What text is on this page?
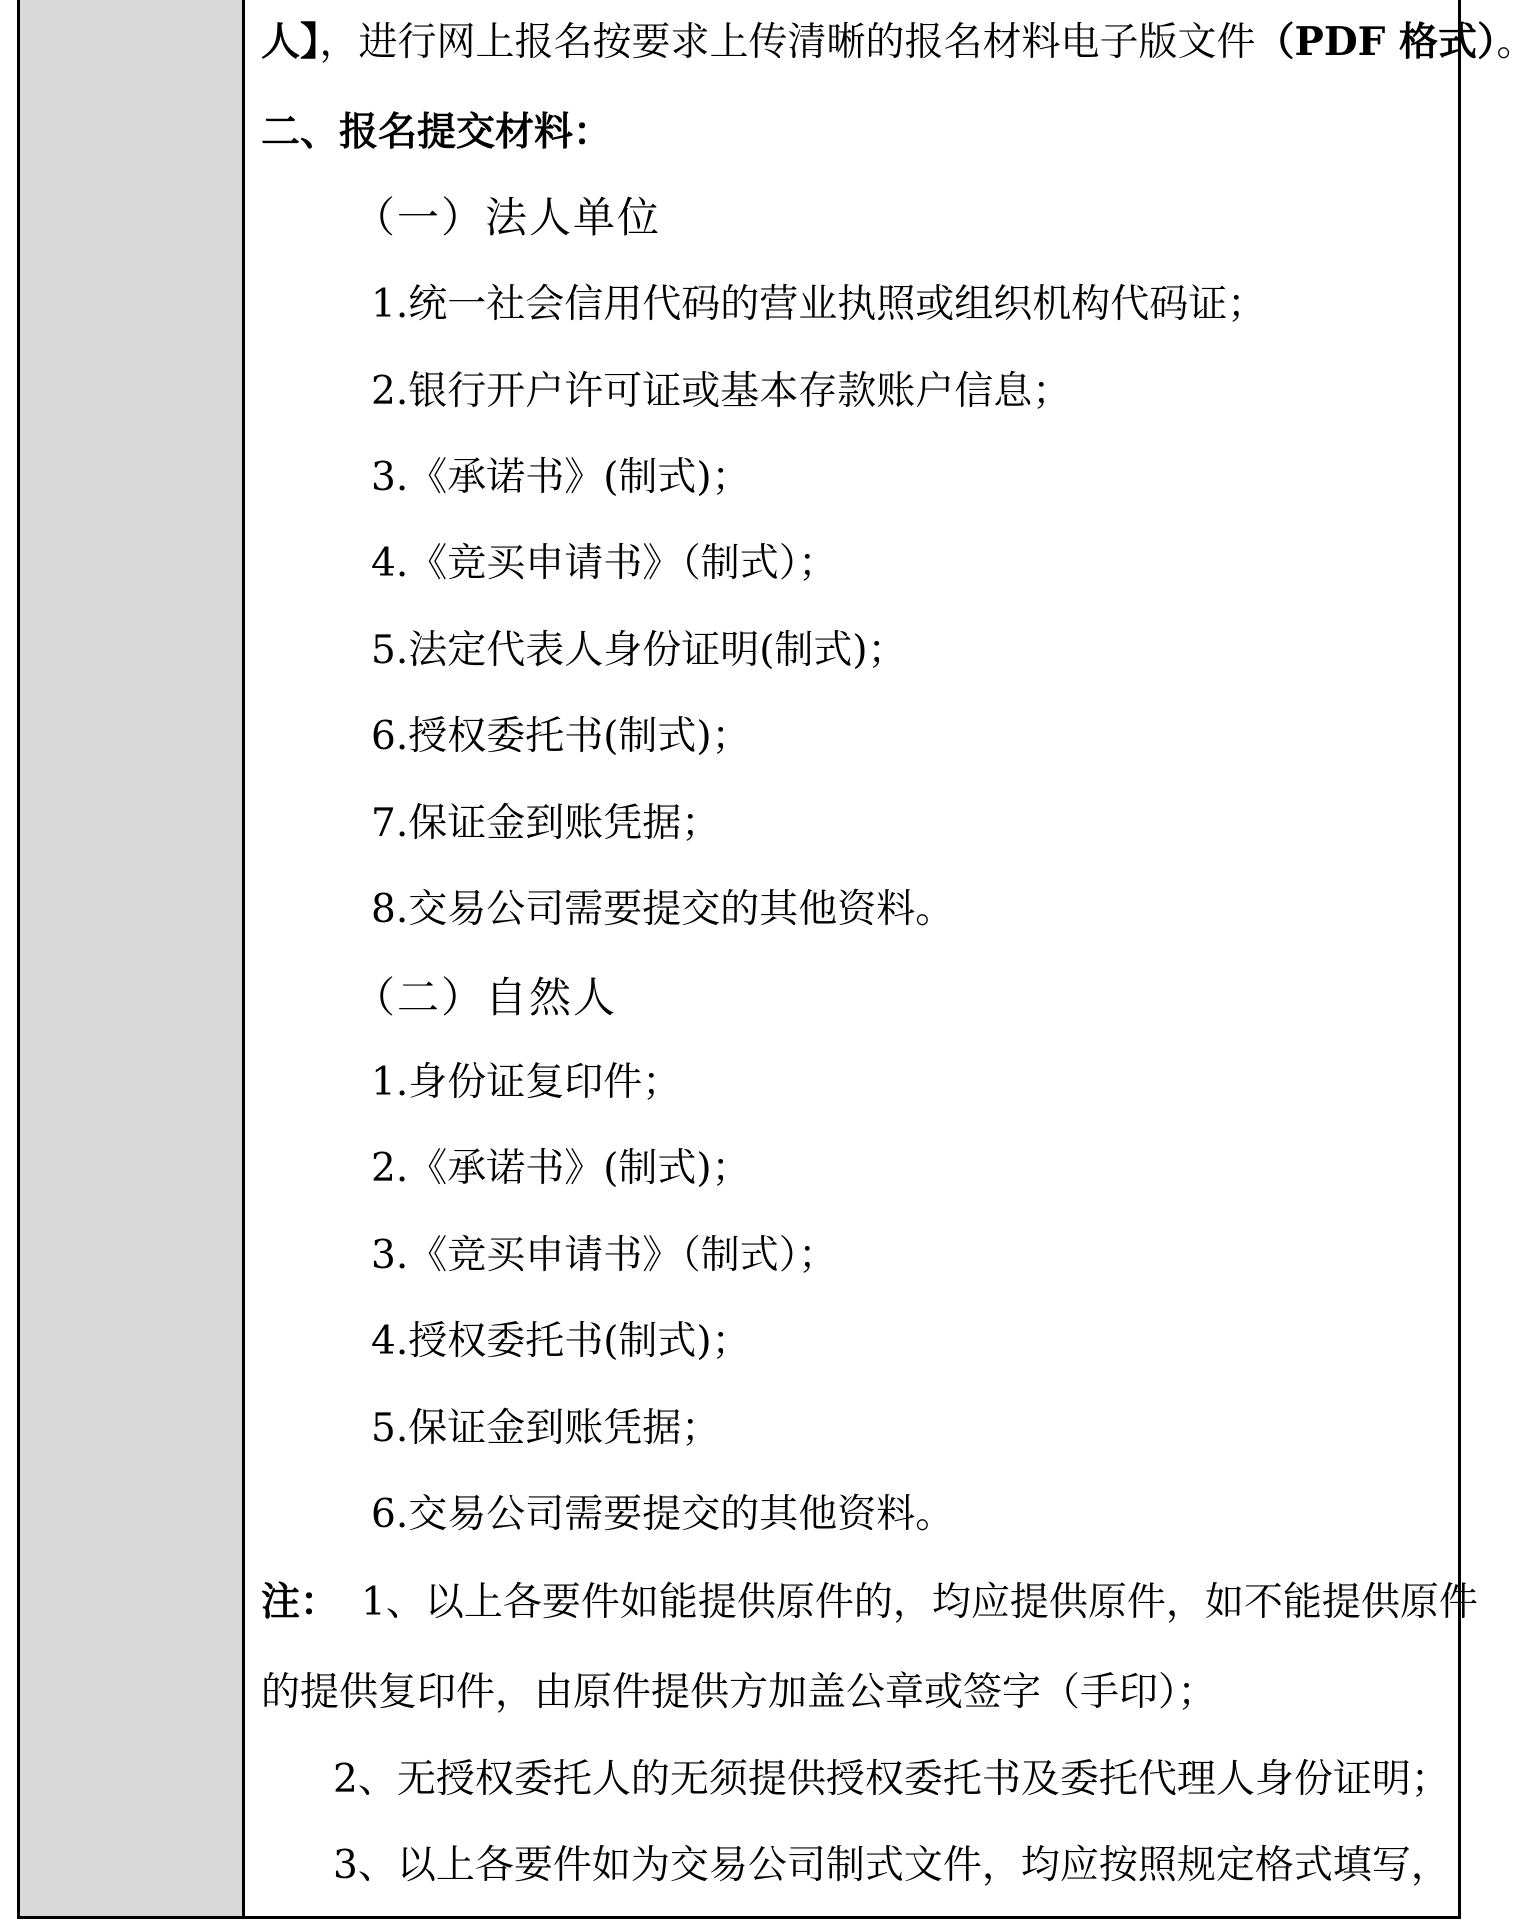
人】，进行网上报名按要求上传清晰的报名材料电子版文件（PDF 格式）。
二、报名提交材料：
（一）法人单位
1.统一社会信用代码的营业执照或组织机构代码证；
2.银行开户许可证或基本存款账户信息；
3.《承诺书》(制式)；
4.《竞买申请书》（制式）；
5.法定代表人身份证明(制式)；
6.授权委托书(制式)；
7.保证金到账凭据；
8.交易公司需要提交的其他资料。
（二）自然人
1.身份证复印件；
2.《承诺书》(制式)；
3.《竞买申请书》（制式）；
4.授权委托书(制式)；
5.保证金到账凭据；
6.交易公司需要提交的其他资料。
注： 1、以上各要件如能提供原件的，均应提供原件，如不能提供原件
的提供复印件，由原件提供方加盖公章或签字（手印）；
2、无授权委托人的无须提供授权委托书及委托代理人身份证明；
3、以上各要件如为交易公司制式文件，均应按照规定格式填写，
